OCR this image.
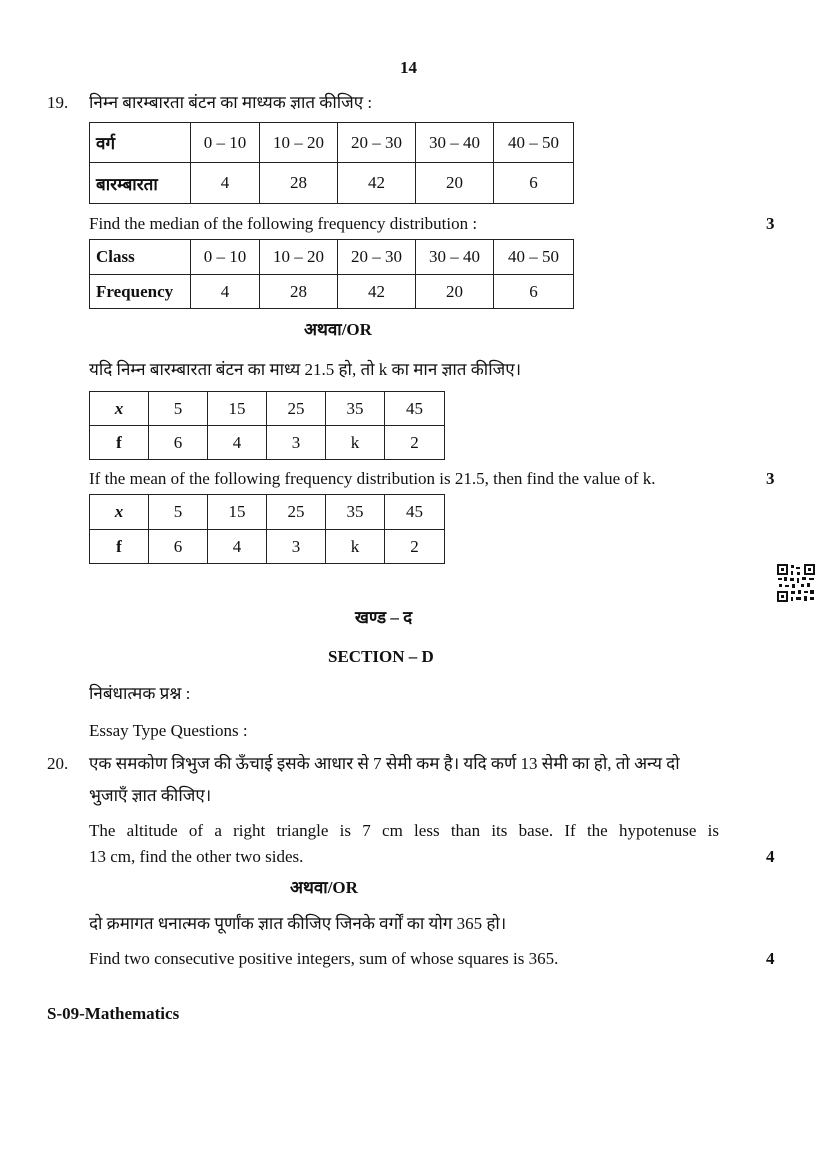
14
19. निम्न बारम्बारता बंटन का माध्यक ज्ञात कीजिए :
वर्ग	0 – 10	10 – 20	20 – 30	30 – 40	40 – 50
बारम्बारता	4	28	42	20	6
Find the median of the following frequency distribution :	3
Class	0 – 10	10 – 20	20 – 30	30 – 40	40 – 50
Frequency	4	28	42	20	6
अथवा/OR
यदि निम्न बारम्बारता बंटन का माध्य 21.5 हो, तो k का मान ज्ञात कीजिए।
x	5	15	25	35	45
f	6	4	3	k	2
If the mean of the following frequency distribution is 21.5, then find the value of k.	3
x	5	15	25	35	45
f	6	4	3	k	2
खण्ड – द
SECTION – D
निबंधात्मक प्रश्न :
Essay Type Questions :
20. एक समकोण त्रिभुज की ऊँचाई इसके आधार से 7 सेमी कम है। यदि कर्ण 13 सेमी का हो, तो अन्य दो
भुजाएँ ज्ञात कीजिए।
The altitude of a right triangle is 7 cm less than its base. If the hypotenuse is
13 cm, find the other two sides.	4
अथवा/OR
दो क्रमागत धनात्मक पूर्णांक ज्ञात कीजिए जिनके वर्गों का योग 365 हो।
Find two consecutive positive integers, sum of whose squares is 365.	4
S-09-Mathematics
